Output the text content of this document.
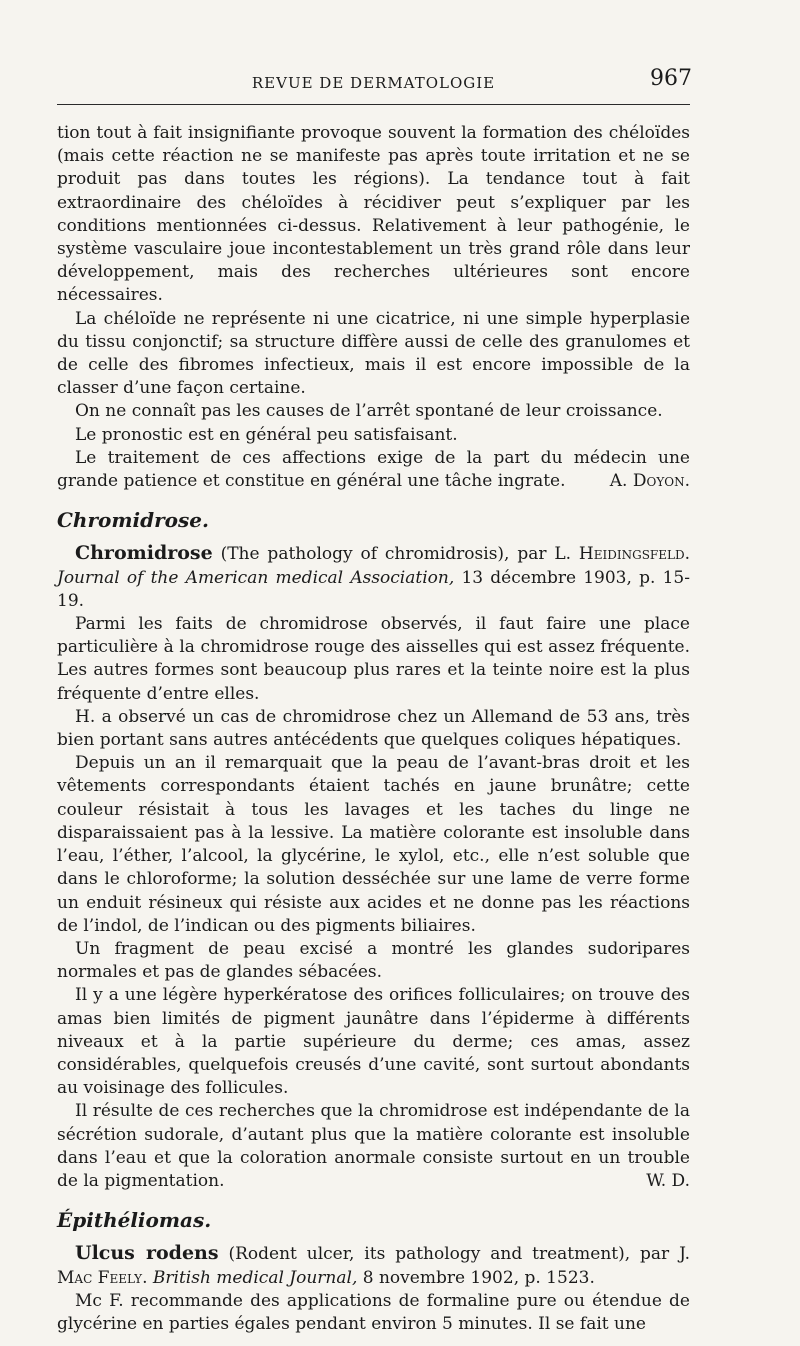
REVUE DE DERMATOLOGIE	967

tion tout à fait insignifiante provoque souvent la formation des chéloïdes (mais cette réaction ne se manifeste pas après toute irritation et ne se produit pas dans toutes les régions). La tendance tout à fait extraordinaire des chéloïdes à récidiver peut s’expliquer par les conditions mentionnées ci-dessus. Relativement à leur pathogénie, le système vasculaire joue incontestablement un très grand rôle dans leur développement, mais des recherches ultérieures sont encore nécessaires.

La chéloïde ne représente ni une cicatrice, ni une simple hyperplasie du tissu conjonctif; sa structure diffère aussi de celle des granulomes et de celle des fibromes infectieux, mais il est encore impossible de la classer d’une façon certaine.

On ne connaît pas les causes de l’arrêt spontané de leur croissance.

Le pronostic est en général peu satisfaisant.

Le traitement de ces affections exige de la part du médecin une grande patience et constitue en général une tâche ingrate.	A. Doyon.

Chromidrose.

Chromidrose (The pathology of chromidrosis), par L. Heidingsfeld. Journal of the American medical Association, 13 décembre 1903, p. 15-19.

Parmi les faits de chromidrose observés, il faut faire une place particulière à la chromidrose rouge des aisselles qui est assez fréquente. Les autres formes sont beaucoup plus rares et la teinte noire est la plus fréquente d’entre elles.

H. a observé un cas de chromidrose chez un Allemand de 53 ans, très bien portant sans autres antécédents que quelques coliques hépatiques.

Depuis un an il remarquait que la peau de l’avant-bras droit et les vêtements correspondants étaient tachés en jaune brunâtre; cette couleur résistait à tous les lavages et les taches du linge ne disparaissaient pas à la lessive. La matière colorante est insoluble dans l’eau, l’éther, l’alcool, la glycérine, le xylol, etc., elle n’est soluble que dans le chloroforme; la solution desséchée sur une lame de verre forme un enduit résineux qui résiste aux acides et ne donne pas les réactions de l’indol, de l’indican ou des pigments biliaires.

Un fragment de peau excisé a montré les glandes sudoripares normales et pas de glandes sébacées.

Il y a une légère hyperkératose des orifices folliculaires; on trouve des amas bien limités de pigment jaunâtre dans l’épiderme à différents niveaux et à la partie supérieure du derme; ces amas, assez considérables, quelquefois creusés d’une cavité, sont surtout abondants au voisinage des follicules.

Il résulte de ces recherches que la chromidrose est indépendante de la sécrétion sudorale, d’autant plus que la matière colorante est insoluble dans l’eau et que la coloration anormale consiste surtout en un trouble de la pigmentation.	W. D.

Épithéliomas.

Ulcus rodens (Rodent ulcer, its pathology and treatment), par J. Mac Feely. British medical Journal, 8 novembre 1902, p. 1523.

Mc F. recommande des applications de formaline pure ou étendue de glycérine en parties égales pendant environ 5 minutes. Il se fait une
